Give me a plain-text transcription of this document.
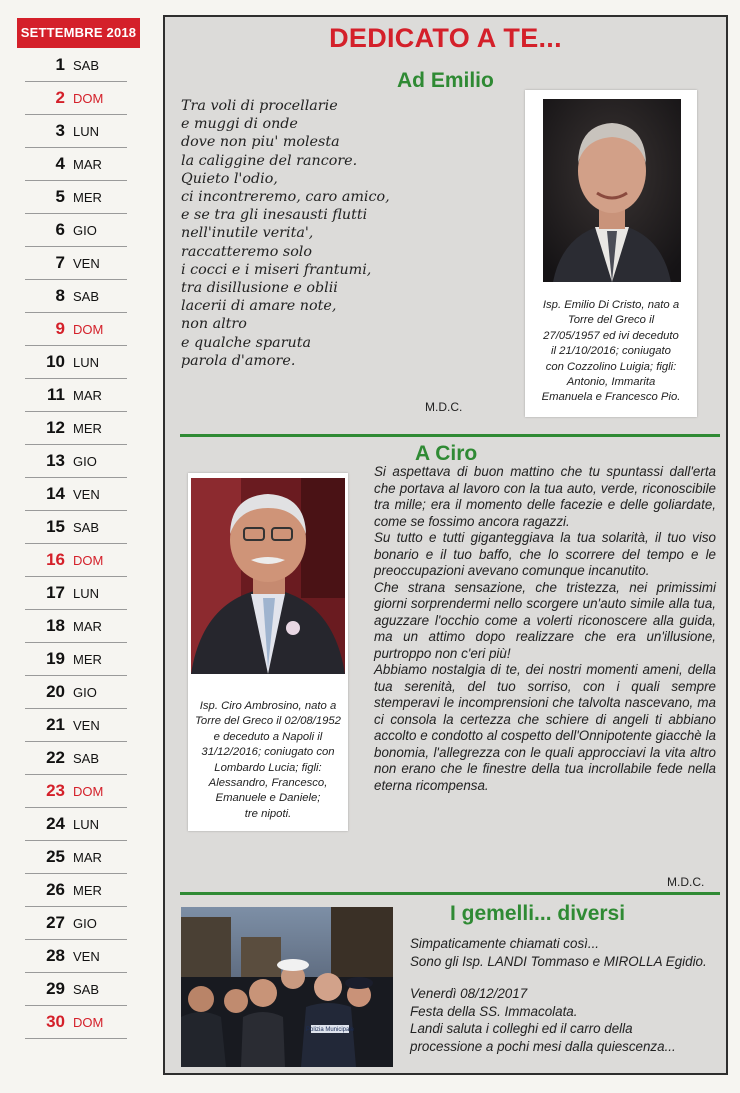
SETTEMBRE 2018
1 SAB
2 DOM
3 LUN
4 MAR
5 MER
6 GIO
7 VEN
8 SAB
9 DOM
10 LUN
11 MAR
12 MER
13 GIO
14 VEN
15 SAB
16 DOM
17 LUN
18 MAR
19 MER
20 GIO
21 VEN
22 SAB
23 DOM
24 LUN
25 MAR
26 MER
27 GIO
28 VEN
29 SAB
30 DOM
DEDICATO A TE...
Ad Emilio
Tra voli di procellarie
e muggi di onde
dove non piu' molesta
la caliggine del rancore.
Quieto l'odio,
ci incontreremo, caro amico,
e se tra gli inesausti flutti
nell'inutile verita',
raccatteremo solo
i cocci e i miseri frantumi,
tra disillusione e oblii
lacerii di amare note,
non altro
e qualche sparuta
parola d'amore.
M.D.C.
Isp. Emilio Di Cristo, nato a
Torre del Greco il
27/05/1957 ed ivi deceduto
il 21/10/2016; coniugato
con Cozzolino Luigia; figli:
Antonio, Immarita
Emanuela e Francesco Pio.
A Ciro
Isp. Ciro Ambrosino, nato a
Torre del Greco il 02/08/1952
e deceduto a Napoli il
31/12/2016; coniugato con
Lombardo Lucia; figli:
Alessandro, Francesco,
Emanuele e Daniele;
tre nipoti.

Si aspettava di buon mattino che tu spuntassi dall'erta che portava al lavoro con la tua auto, verde, riconoscibile tra mille; era il momento delle facezie e delle goliardate, come se fossimo ancora ragazzi.

Su tutto e tutti giganteggiava la tua solarità, il tuo viso bonario e il tuo baffo, che lo scorrere del tempo e le preoccupazioni avevano comunque incanutito.

Che strana sensazione, che tristezza, nei primissimi giorni sorprendermi nello scorgere un'auto simile alla tua, aguzzare l'occhio come a volerti riconoscere alla guida, ma un attimo dopo realizzare che era un'illusione, purtroppo non c'eri più!

Abbiamo nostalgia di te, dei nostri momenti ameni, della tua serenità, del tuo sorriso, con i quali sempre stemperavi le incomprensioni che talvolta nascevano, ma ci consola la certezza che schiere di angeli ti abbiano accolto e condotto al cospetto dell'Onnipotente giacchè la bonomia, l'allegrezza con le quali approcciavi la vita altro non erano che le finestre della tua incrollabile fede nella eterna ricompensa.

M.D.C.
I gemelli... diversi
Polizia Municipale
Simpaticamente chiamati così...
Sono gli Isp. LANDI Tommaso e MIROLLA Egidio.
Venerdì 08/12/2017
Festa della SS. Immacolata.
Landi saluta i colleghi ed il carro della
processione a pochi mesi dalla quiescenza...
